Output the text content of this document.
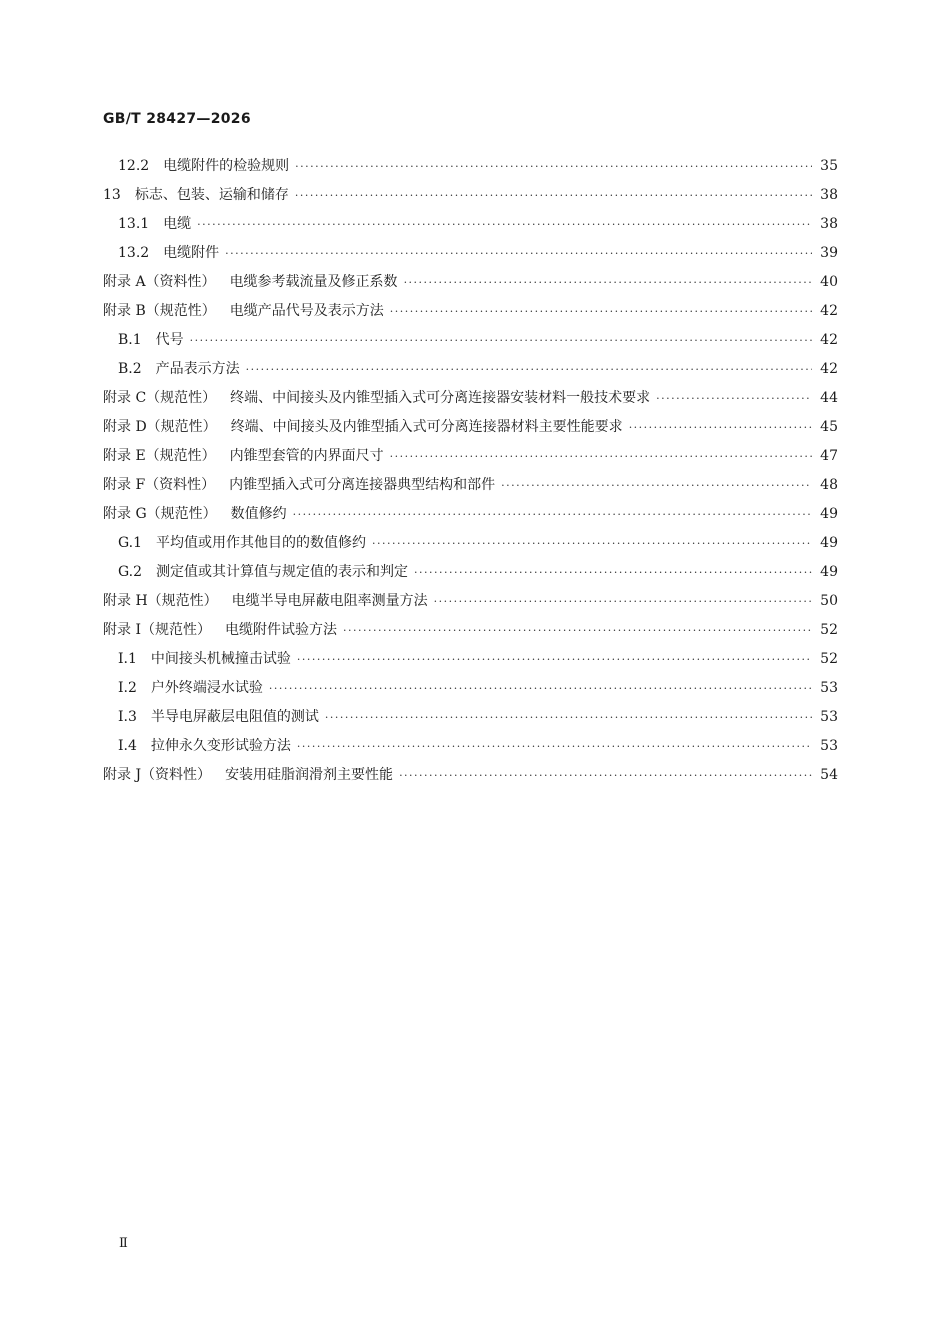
GB/T 28427—2026
12.2 电缆附件的检验规则 ·····	35
13 标志、包装、运输和储存 ·····	38
13.1 电缆 ·····	38
13.2 电缆附件 ·····	39
附录 A（资料性） 电缆参考载流量及修正系数 ·····	40
附录 B（规范性） 电缆产品代号及表示方法 ·····	42
B.1 代号 ·····	42
B.2 产品表示方法 ·····	42
附录 C（规范性） 终端、中间接头及内锥型插入式可分离连接器安装材料一般技术要求 ·····	44
附录 D（规范性） 终端、中间接头及内锥型插入式可分离连接器材料主要性能要求 ·····	45
附录 E（规范性） 内锥型套管的内界面尺寸 ·····	47
附录 F（资料性） 内锥型插入式可分离连接器典型结构和部件 ·····	48
附录 G（规范性） 数值修约 ·····	49
G.1 平均值或用作其他目的的数值修约 ·····	49
G.2 测定值或其计算值与规定值的表示和判定 ·····	49
附录 H（规范性） 电缆半导电屏蔽电阻率测量方法 ·····	50
附录 I（规范性） 电缆附件试验方法 ·····	52
I.1 中间接头机械撞击试验 ·····	52
I.2 户外终端浸水试验 ·····	53
I.3 半导电屏蔽层电阻值的测试 ·····	53
I.4 拉伸永久变形试验方法 ·····	53
附录 J（资料性） 安装用硅脂润滑剂主要性能 ·····	54
Ⅱ
